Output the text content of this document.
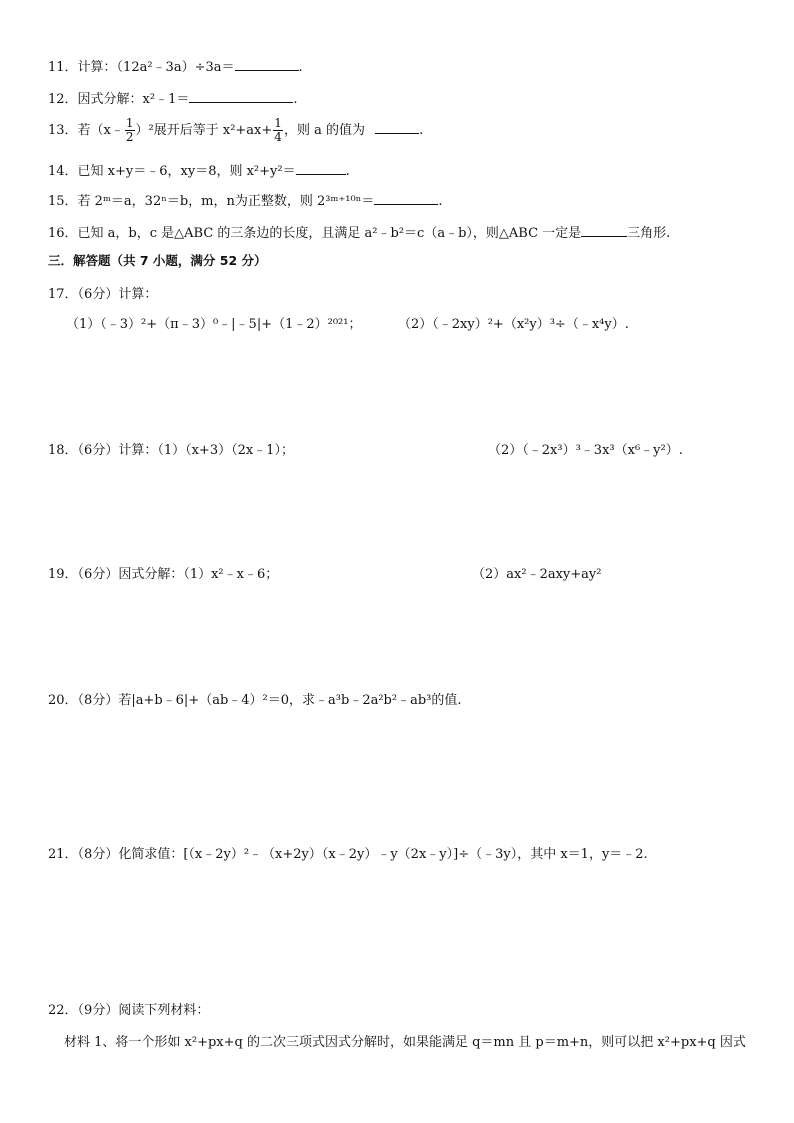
11．计算：（12a²﹣3a）÷3a＝	.
12．因式分解：x²﹣1＝	.
13．若（x﹣ $\frac{1}{2} )^2$展开后等于 $x^2+ax+ \frac{1}{4}$ ，则 a 的值为	.
14．已知 x+y＝﹣6，xy＝8，则 x²+y²＝	.
15．若 2ᵐ＝a，32ⁿ＝b，m，n为正整数，则 2³ᵐ⁺¹⁰ⁿ＝	.
16．已知 a，b，c 是△ABC 的三条边的长度，且满足 a²﹣b²＝c（a﹣b），则△ABC 一定是	三角形.
三．解答题（共 7 小题，满分 52 分）
17．（6分）计算：
（1）（﹣3）²+（π﹣3）⁰﹣|﹣5|+（1﹣2）²⁰²¹；	（2）（﹣2xy）²+（x²y）³÷（﹣x⁴y）.
18．（6分）计算：（1）（x+3）（2x﹣1）；	（2）（﹣2x³）³﹣3x³（x⁶﹣y²）.
19．（6分）因式分解：（1）x²﹣x﹣6；	（2）ax²﹣2axy+ay²
20．（8分）若|a+b﹣6|+（ab﹣4）²＝0，求﹣a³b﹣2a²b²﹣ab³的值.
21．（8分）化简求值：[（x﹣2y）²﹣（x+2y）（x﹣2y）﹣y（2x﹣y）]÷（﹣3y），其中 x＝1，y＝﹣2.
22．（9分）阅读下列材料：
材料 1、将一个形如 x²+px+q 的二次三项式因式分解时，如果能满足 q＝mn 且 p＝m+n，则可以把 x²+px+q 因式
